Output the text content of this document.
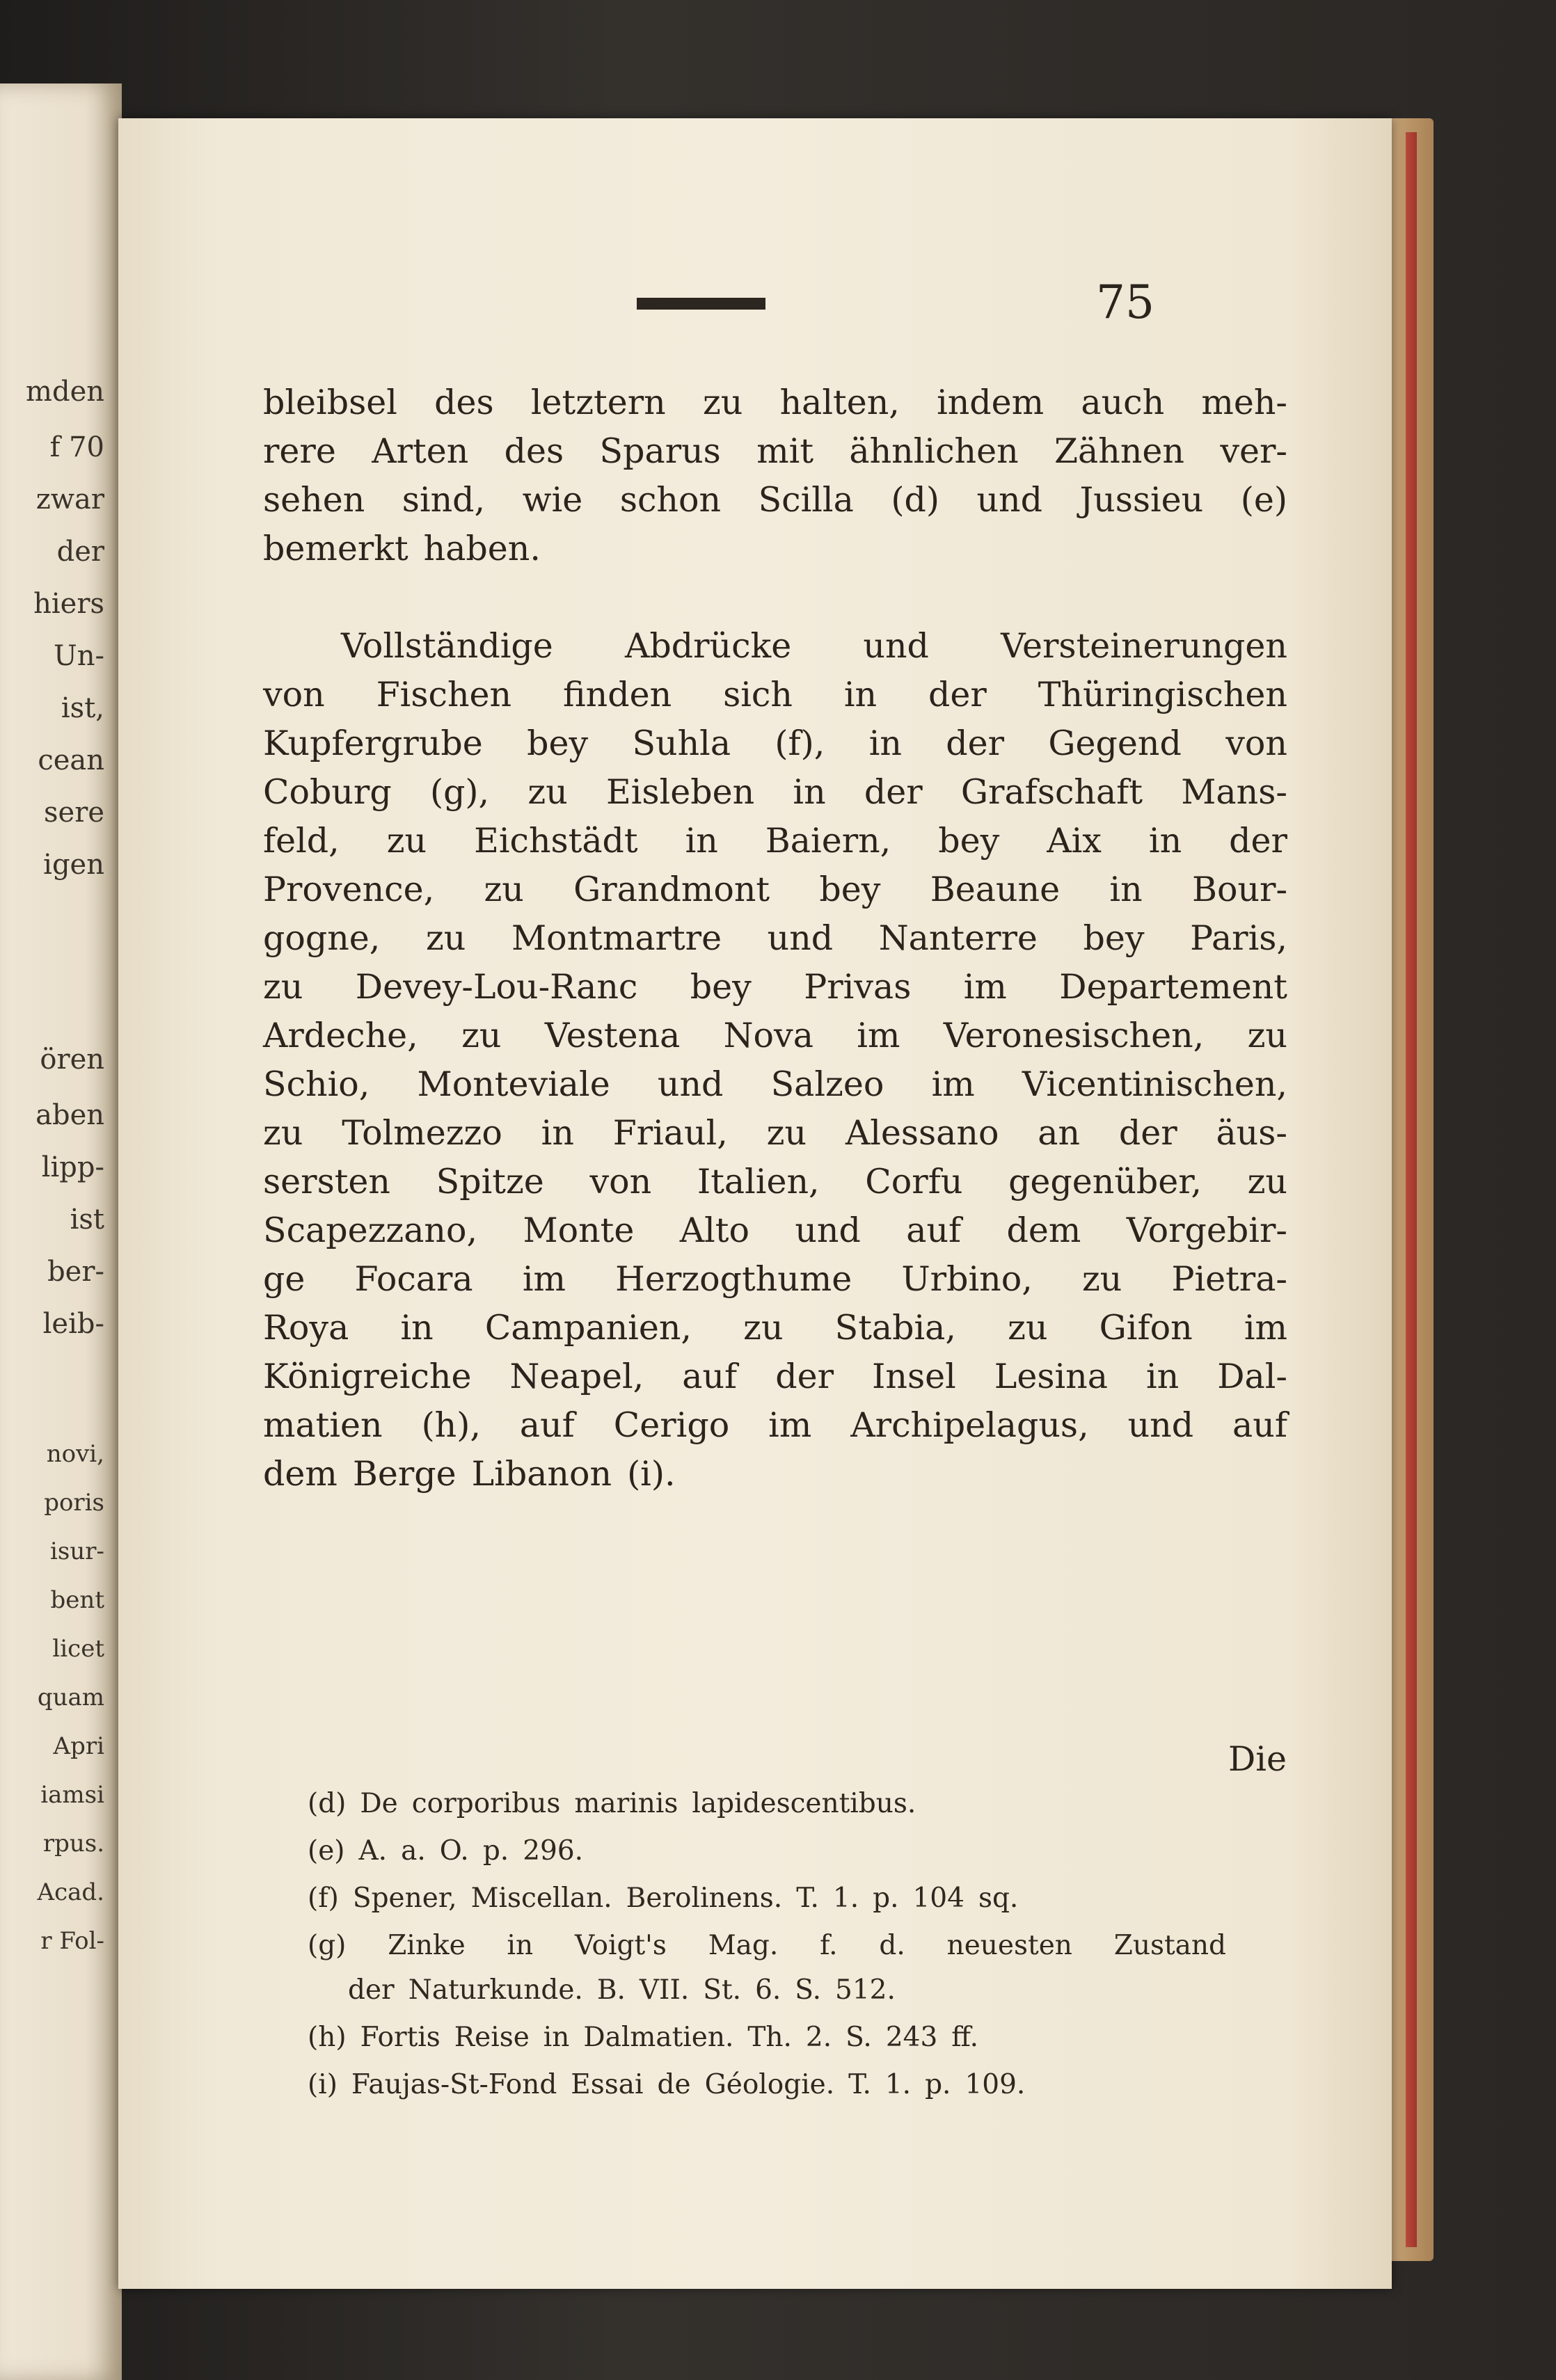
mden
f 70
zwar
der
hiers
Un-
ist,
cean
sere
igen
ören
aben
lipp-
ist
ber-
leib-
novi,
poris
isur-
bent
licet
quam
Apri
iamsi
rpus.
Acad.
r Fol-
75
bleibsel des letztern zu halten, indem auch meh-
rere Arten des Sparus mit ähnlichen Zähnen ver-
sehen sind, wie schon Scilla (d) und Jussieu (e)
bemerkt haben.
Vollständige Abdrücke und Versteinerungen
von Fischen finden sich in der Thüringischen
Kupfergrube bey Suhla (f), in der Gegend von
Coburg (g), zu Eisleben in der Grafschaft Mans-
feld, zu Eichstädt in Baiern, bey Aix in der
Provence, zu Grandmont bey Beaune in Bour-
gogne, zu Montmartre und Nanterre bey Paris,
zu Devey-Lou-Ranc bey Privas im Departement
Ardeche, zu Vestena Nova im Veronesischen, zu
Schio, Monteviale und Salzeo im Vicentinischen,
zu Tolmezzo in Friaul, zu Alessano an der äus-
sersten Spitze von Italien, Corfu gegenüber, zu
Scapezzano, Monte Alto und auf dem Vorgebir-
ge Focara im Herzogthume Urbino, zu Pietra-
Roya in Campanien, zu Stabia, zu Gifon im
Königreiche Neapel, auf der Insel Lesina in Dal-
matien (h), auf Cerigo im Archipelagus, und auf
dem Berge Libanon (i).
Die
(d) De corporibus marinis lapidescentibus.
(e) A. a. O. p. 296.
(f) Spener, Miscellan. Berolinens. T. 1. p. 104 sq.
(g) Zinke in Voigt's Mag. f. d. neuesten Zustand
der Naturkunde. B. VII. St. 6. S. 512.
(h) Fortis Reise in Dalmatien. Th. 2. S. 243 ff.
(i) Faujas-St-Fond Essai de Géologie. T. 1. p. 109.
